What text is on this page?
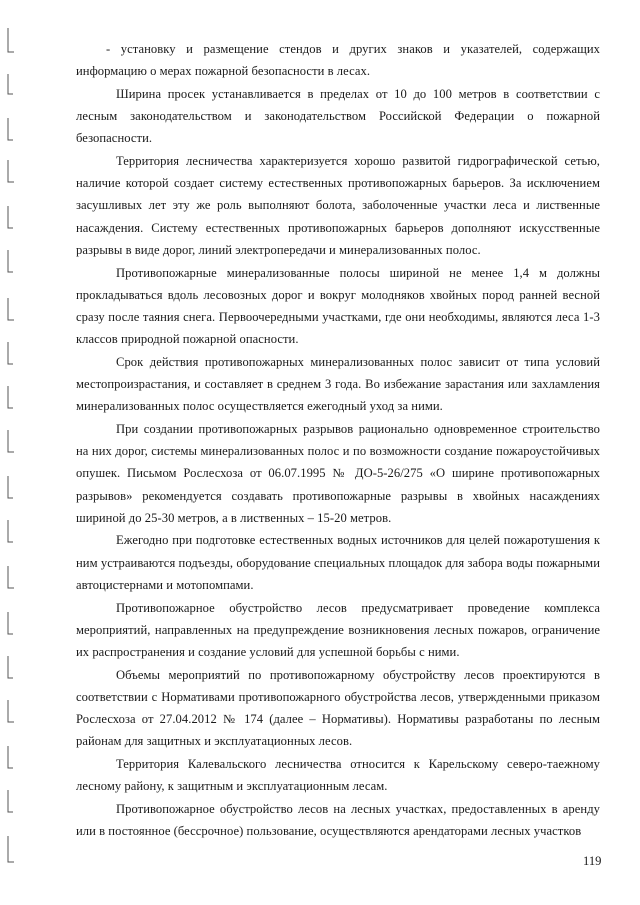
- установку и размещение стендов и других знаков и указателей, содержащих информацию о мерах пожарной безопасности в лесах.

Ширина просек устанавливается в пределах от 10 до 100 метров в соответствии с лесным законодательством и законодательством Российской Федерации о пожарной безопасности.

Территория лесничества характеризуется хорошо развитой гидрографической сетью, наличие которой создает систему естественных противопожарных барьеров. За исключением засушливых лет эту же роль выполняют болота, заболоченные участки леса и лиственные насаждения. Систему естественных противопожарных барьеров дополняют искусственные разрывы в виде дорог, линий электропередачи и минерализованных полос.

Противопожарные минерализованные полосы шириной не менее 1,4 м должны прокладываться вдоль лесовозных дорог и вокруг молодняков хвойных пород ранней весной сразу после таяния снега. Первоочередными участками, где они необходимы, являются леса 1-3 классов природной пожарной опасности.

Срок действия противопожарных минерализованных полос зависит от типа условий местопроизрастания, и составляет в среднем 3 года. Во избежание зарастания или захламления минерализованных полос осуществляется ежегодный уход за ними.

При создании противопожарных разрывов рационально одновременное строительство на них дорог, системы минерализованных полос и по возможности создание пожароустойчивых опушек. Письмом Рослесхоза от 06.07.1995 № ДО-5-26/275 «О ширине противопожарных разрывов» рекомендуется создавать противопожарные разрывы в хвойных насаждениях шириной до 25-30 метров, а в лиственных – 15-20 метров.

Ежегодно при подготовке естественных водных источников для целей пожаротушения к ним устраиваются подъезды, оборудование специальных площадок для забора воды пожарными автоцистернами и мотопомпами.

Противопожарное обустройство лесов предусматривает проведение комплекса мероприятий, направленных на предупреждение возникновения лесных пожаров, ограничение их распространения и создание условий для успешной борьбы с ними.

Объемы мероприятий по противопожарному обустройству лесов проектируются в соответствии с Нормативами противопожарного обустройства лесов, утвержденными приказом Рослесхоза от 27.04.2012 № 174 (далее – Нормативы). Нормативы разработаны по лесным районам для защитных и эксплуатационных лесов.

Территория Калевальского лесничества относится к Карельскому северо-таежному лесному району, к защитным и эксплуатационным лесам.

Противопожарное обустройство лесов на лесных участках, предоставленных в аренду или в постоянное (бессрочное) пользование, осуществляются арендаторами лесных участков

119
